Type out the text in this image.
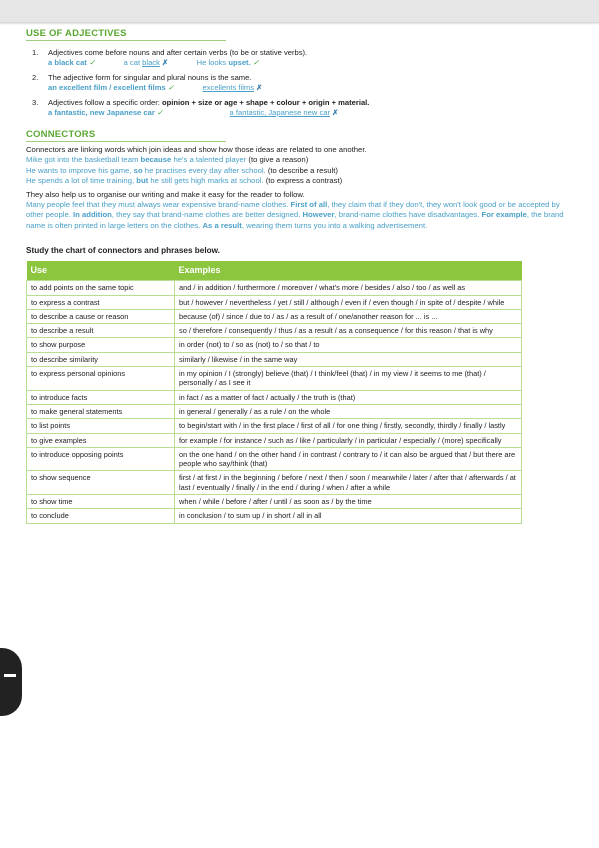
USE OF ADJECTIVES
1. Adjectives come before nouns and after certain verbs (to be or stative verbs).
a black cat ✓	a cat black ✗	He looks upset. ✓
2. The adjective form for singular and plural nouns is the same.
an excellent film / excellent films ✓	excellents films ✗
3. Adjectives follow a specific order: opinion + size or age + shape + colour + origin + material.
a fantastic, new Japanese car ✓	a fantastic, Japanese new car ✗
CONNECTORS

Connectors are linking words which join ideas and show how those ideas are related to one another.

Mike got into the basketball team because he's a talented player (to give a reason)

He wants to improve his game, so he practises every day after school. (to describe a result)

He spends a lot of time training, but he still gets high marks at school. (to express a contrast)

They also help us to organise our writing and make it easy for the reader to follow.

Many people feel that they must always wear expensive brand-name clothes. First of all, they claim that if they don't, they won't look good or be accepted by other people. In addition, they say that brand-name clothes are better designed. However, brand-name clothes have disadvantages. For example, the brand name is often printed in large letters on the clothes. As a result, wearing them turns you into a walking advertisement.

Study the chart of connectors and phrases below.

Use	Examples
to add points on the same topic	and / in addition / furthermore / moreover / what's more / besides / also / too / as well as
to express a contrast	but / however / nevertheless / yet / still / although / even if / even though / in spite of / despite / while
to describe a cause or reason	because (of) / since / due to / as / as a result of / one/another reason for ... is ...
to describe a result	so / therefore / consequently / thus / as a result / as a consequence / for this reason / that is why
to show purpose	in order (not) to / so as (not) to / so that / to
to describe similarity	similarly / likewise / in the same way
to express personal opinions	in my opinion / I (strongly) believe (that) / I think/feel (that) / in my view / it seems to me (that) / personally / as I see it
to introduce facts	in fact / as a matter of fact / actually / the truth is (that)
to make general statements	in general / generally / as a rule / on the whole
to list points	to begin/start with / in the first place / first of all / for one thing / firstly, secondly, thirdly / finally / lastly
to give examples	for example / for instance / such as / like / particularly / in particular / especially / (more) specifically
to introduce opposing points	on the one hand / on the other hand / in contrast / contrary to / it can also be argued that / but there are people who say/think (that)
to show sequence	first / at first / in the beginning / before / next / then / soon / meanwhile / later / after that / afterwards / at last / eventually / finally / in the end / during / when / after a while
to show time	when / while / before / after / until / as soon as / by the time
to conclude	in conclusion / to sum up / in short / all in all
